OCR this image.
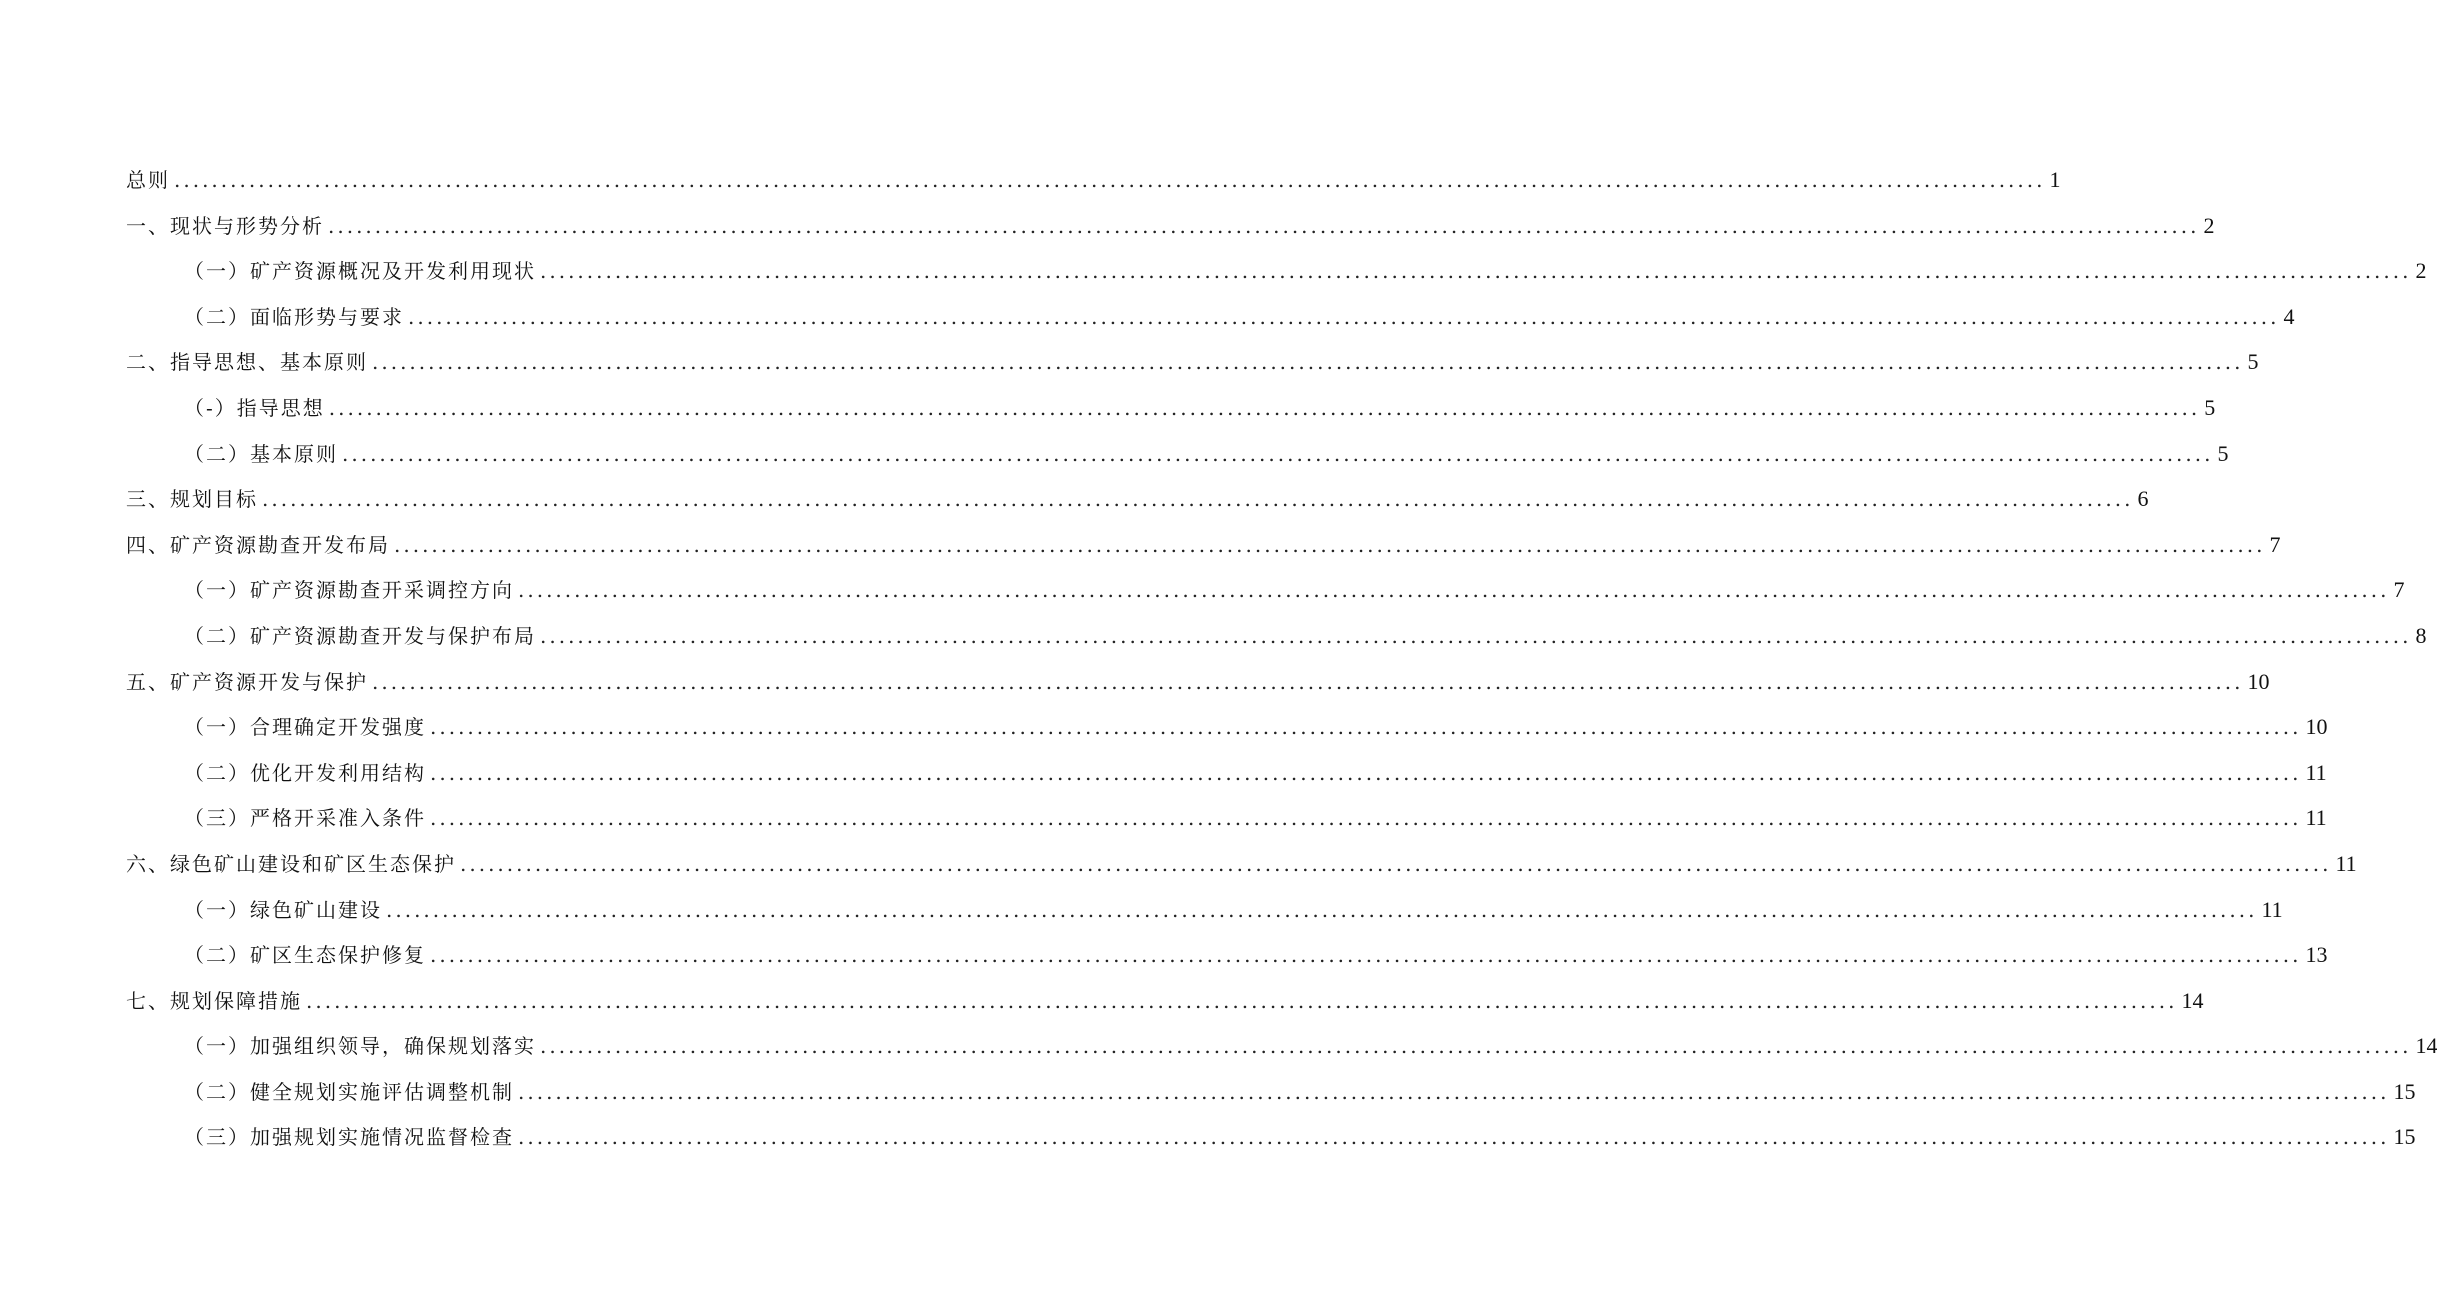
总则 ........................................................................................................................................................................................................ 1
一、现状与形势分析 ........................................................................................................................................................................................................ 2
（一）矿产资源概况及开发利用现状 ........................................................................................................................................................................................................ 2
（二）面临形势与要求 ........................................................................................................................................................................................................ 4
二、指导思想、基本原则 ........................................................................................................................................................................................................ 5
（-）指导思想 ........................................................................................................................................................................................................ 5
（二）基本原则 ........................................................................................................................................................................................................ 5
三、规划目标 ........................................................................................................................................................................................................ 6
四、矿产资源勘查开发布局 ........................................................................................................................................................................................................ 7
（一）矿产资源勘查开采调控方向 ........................................................................................................................................................................................................ 7
（二）矿产资源勘查开发与保护布局 ........................................................................................................................................................................................................ 8
五、矿产资源开发与保护 ........................................................................................................................................................................................................ 10
（一）合理确定开发强度 ........................................................................................................................................................................................................ 10
（二）优化开发利用结构 ........................................................................................................................................................................................................ 11
（三）严格开采准入条件 ........................................................................................................................................................................................................ 11
六、绿色矿山建设和矿区生态保护 ........................................................................................................................................................................................................ 11
（一）绿色矿山建设 ........................................................................................................................................................................................................ 11
（二）矿区生态保护修复 ........................................................................................................................................................................................................ 13
七、规划保障措施 ........................................................................................................................................................................................................ 14
（一）加强组织领导，确保规划落实 ........................................................................................................................................................................................................ 14
（二）健全规划实施评估调整机制 ........................................................................................................................................................................................................ 15
（三）加强规划实施情况监督检查 ........................................................................................................................................................................................................ 15
